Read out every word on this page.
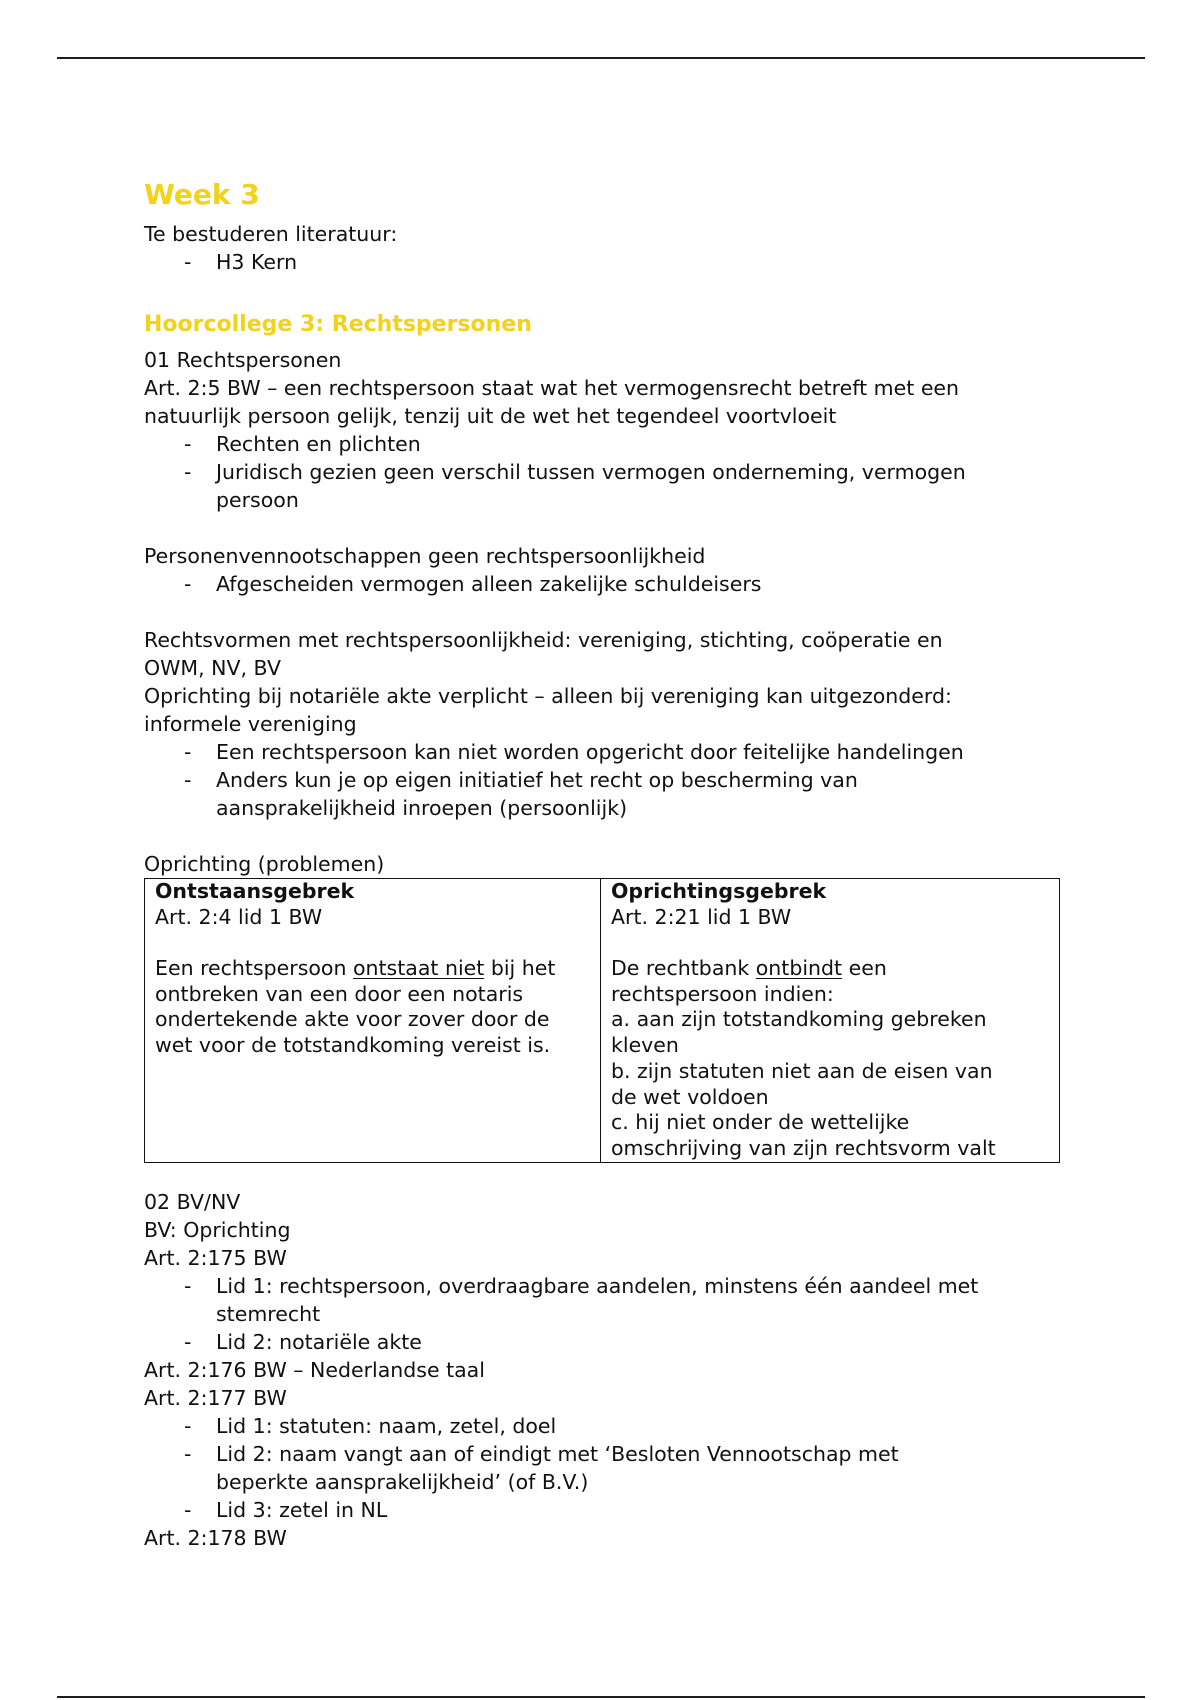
Week 3
Te bestuderen literatuur:
- H3 Kern
Hoorcollege 3: Rechtspersonen
01 Rechtspersonen
Art. 2:5 BW – een rechtspersoon staat wat het vermogensrecht betreft met een
natuurlijk persoon gelijk, tenzij uit de wet het tegendeel voortvloeit
- Rechten en plichten
- Juridisch gezien geen verschil tussen vermogen onderneming, vermogen
persoon
Personenvennootschappen geen rechtspersoonlijkheid
- Afgescheiden vermogen alleen zakelijke schuldeisers
Rechtsvormen met rechtspersoonlijkheid: vereniging, stichting, coöperatie en
OWM, NV, BV
Oprichting bij notariële akte verplicht – alleen bij vereniging kan uitgezonderd:
informele vereniging
- Een rechtspersoon kan niet worden opgericht door feitelijke handelingen
- Anders kun je op eigen initiatief het recht op bescherming van
aansprakelijkheid inroepen (persoonlijk)
Oprichting (problemen)
Ontstaansgebrek
Art. 2:4 lid 1 BW
Een rechtspersoon ontstaat niet bij het
ontbreken van een door een notaris
ondertekende akte voor zover door de
wet voor de totstandkoming vereist is.

Oprichtingsgebrek
Art. 2:21 lid 1 BW
De rechtbank ontbindt een
rechtspersoon indien:
a. aan zijn totstandkoming gebreken
kleven
b. zijn statuten niet aan de eisen van
de wet voldoen
c. hij niet onder de wettelijke
omschrijving van zijn rechtsvorm valt
02 BV/NV
BV: Oprichting
Art. 2:175 BW
- Lid 1: rechtspersoon, overdraagbare aandelen, minstens één aandeel met
stemrecht
- Lid 2: notariële akte
Art. 2:176 BW – Nederlandse taal
Art. 2:177 BW
- Lid 1: statuten: naam, zetel, doel
- Lid 2: naam vangt aan of eindigt met ‘Besloten Vennootschap met
beperkte aansprakelijkheid’ (of B.V.)
- Lid 3: zetel in NL
Art. 2:178 BW
